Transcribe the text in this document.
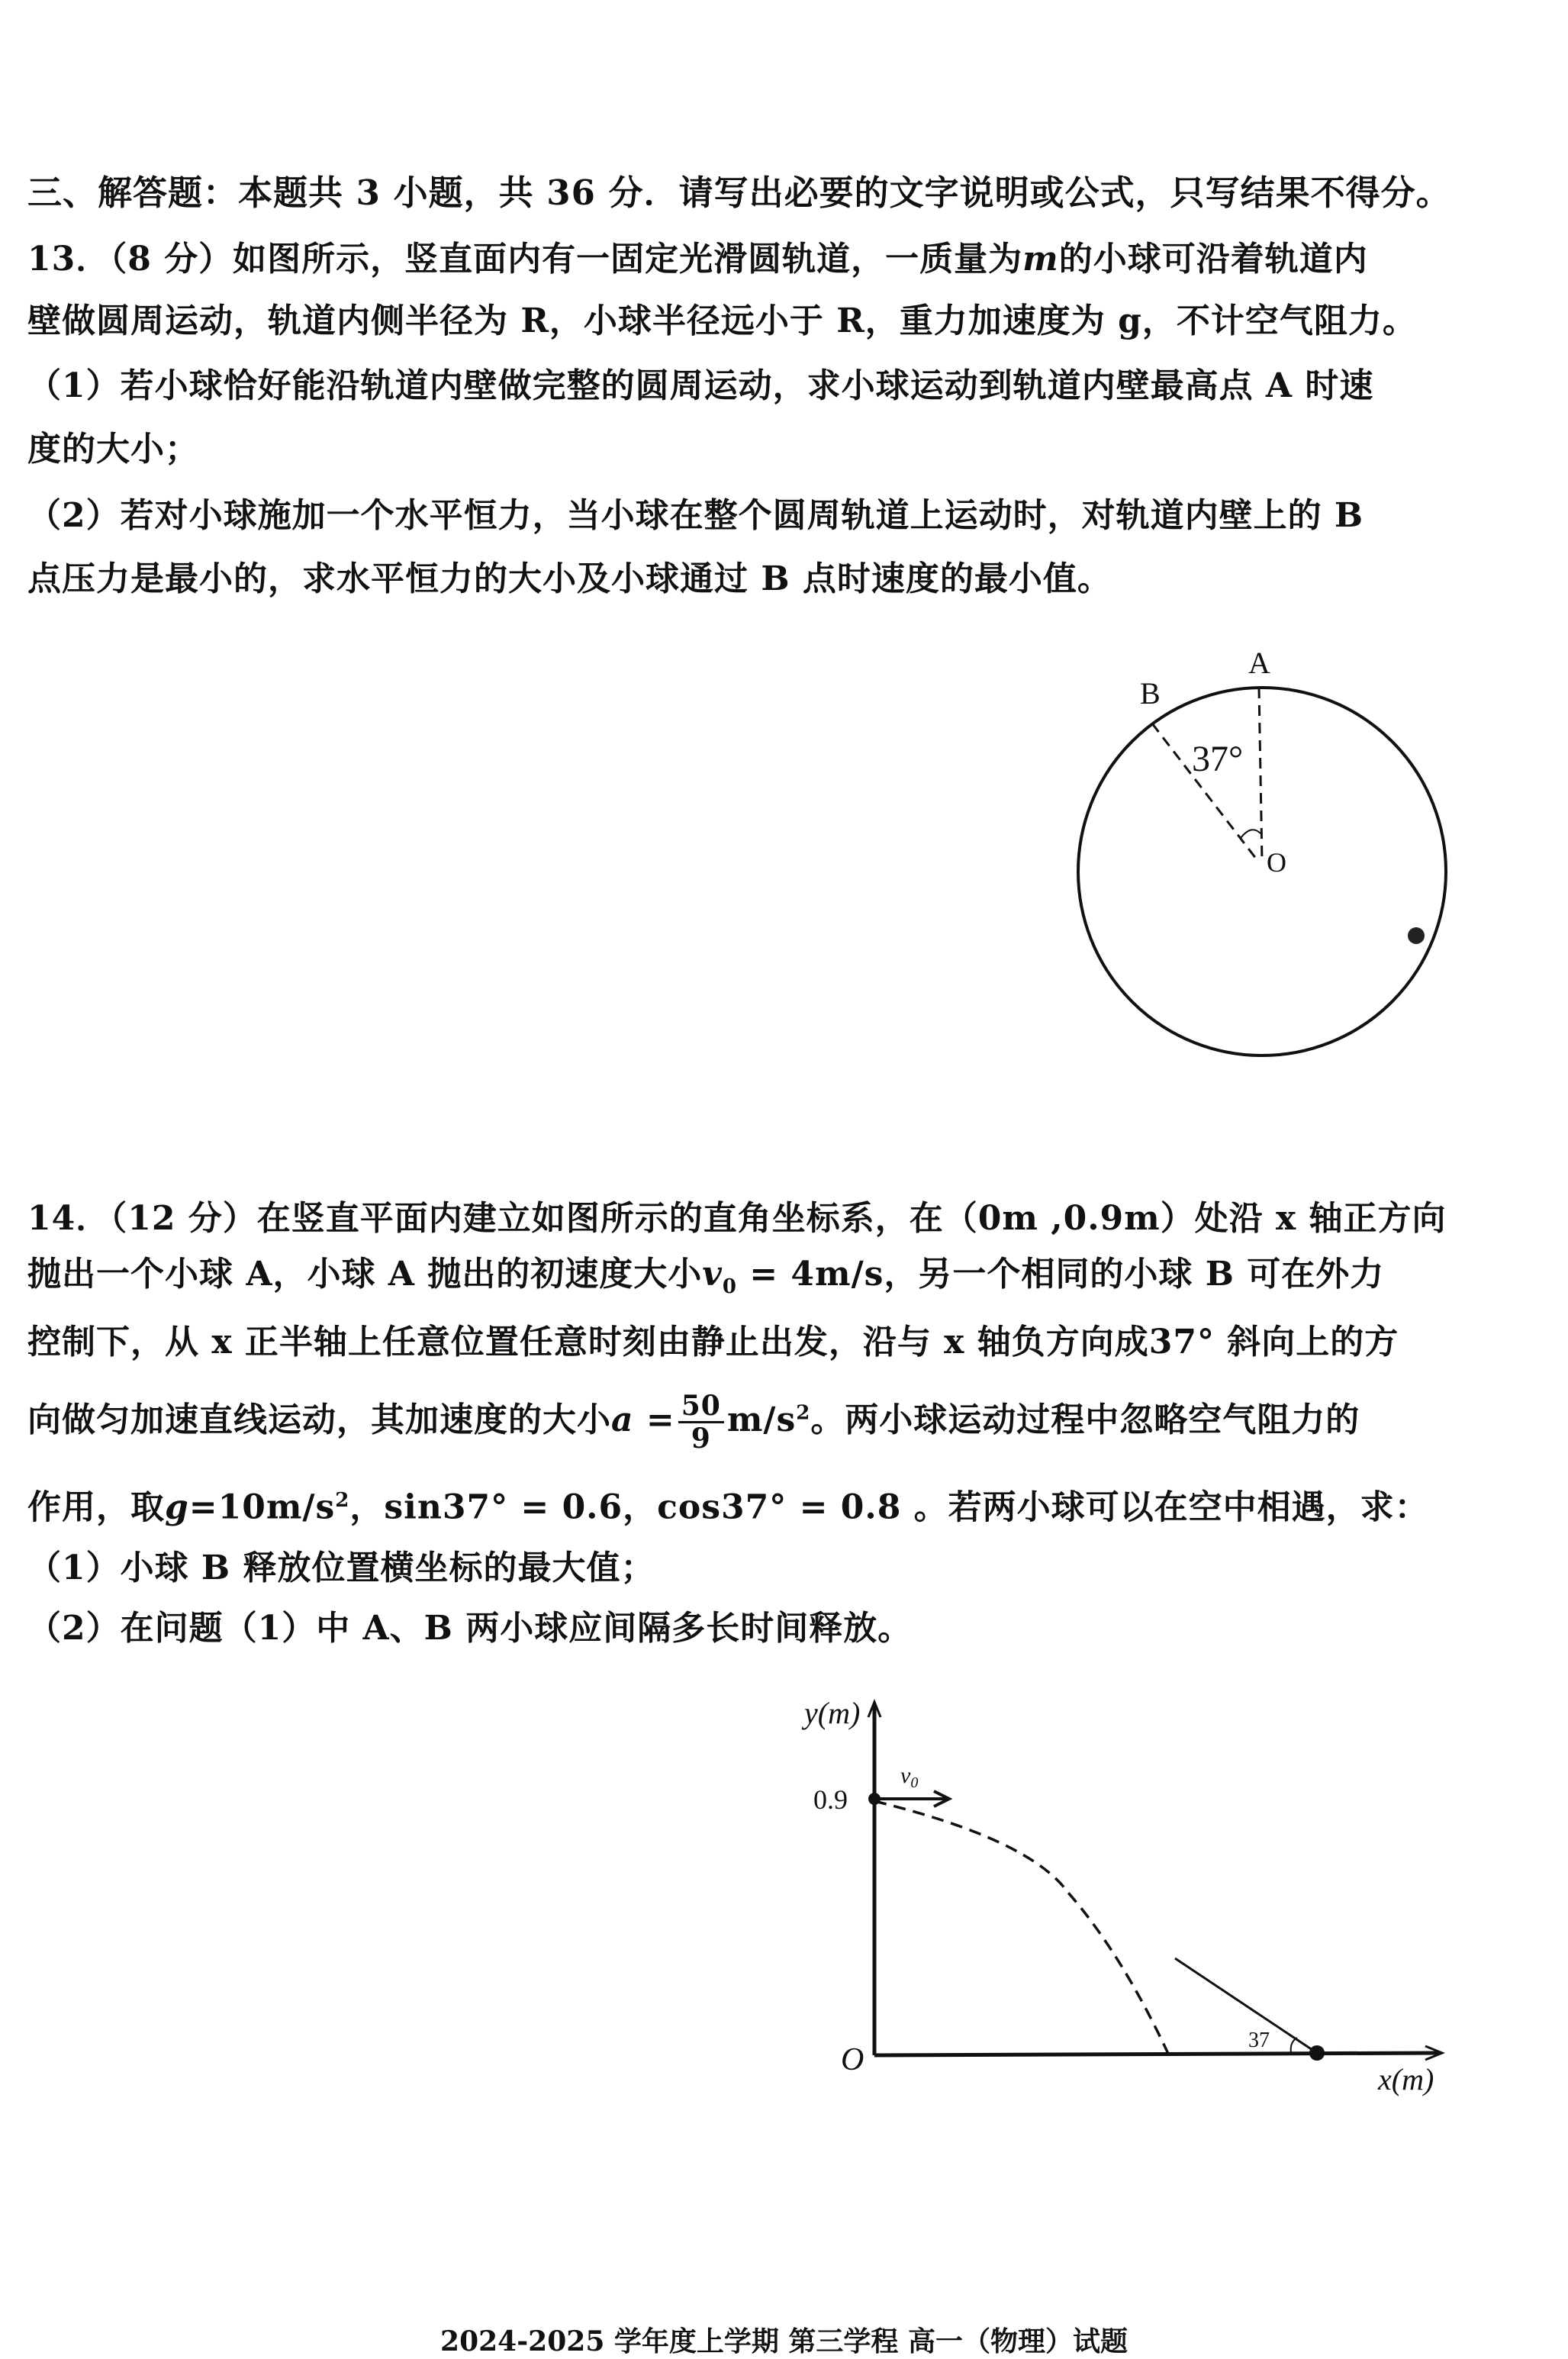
三、解答题：本题共 3 小题，共 36 分．请写出必要的文字说明或公式，只写结果不得分。
13．（8 分）如图所示，竖直面内有一固定光滑圆轨道，一质量为m的小球可沿着轨道内
壁做圆周运动，轨道内侧半径为 R，小球半径远小于 R，重力加速度为 g，不计空气阻力。
（1）若小球恰好能沿轨道内壁做完整的圆周运动，求小球运动到轨道内壁最高点 A 时速
度的大小；
（2）若对小球施加一个水平恒力，当小球在整个圆周轨道上运动时，对轨道内壁上的 B
点压力是最小的，求水平恒力的大小及小球通过 B 点时速度的最小值。
A
B
O
37°
y(m)
0.9
O
x(m)
$v_0$
37
14．（12 分）在竖直平面内建立如图所示的直角坐标系，在（0m ,0.9m）处沿 x 轴正方向
抛出一个小球 A，小球 A 抛出的初速度大小$v_0 = 4m/s$，另一个相同的小球 B 可在外力
控制下，从 x 正半轴上任意位置任意时刻由静止出发，沿与 x 轴负方向成37° 斜向上的方
向做匀加速直线运动，其加速度的大小$a = \frac{50}{9} m/s^2$。两小球运动过程中忽略空气阻力的
作用，取$g=10m/s^2$，sin37° = 0.6，cos37° = 0.8 。若两小球可以在空中相遇，求：
（1）小球 B 释放位置横坐标的最大值；
（2）在问题（1）中 A、B 两小球应间隔多长时间释放。
2024-2025 学年度上学期 第三学程 高一（物理）试题
